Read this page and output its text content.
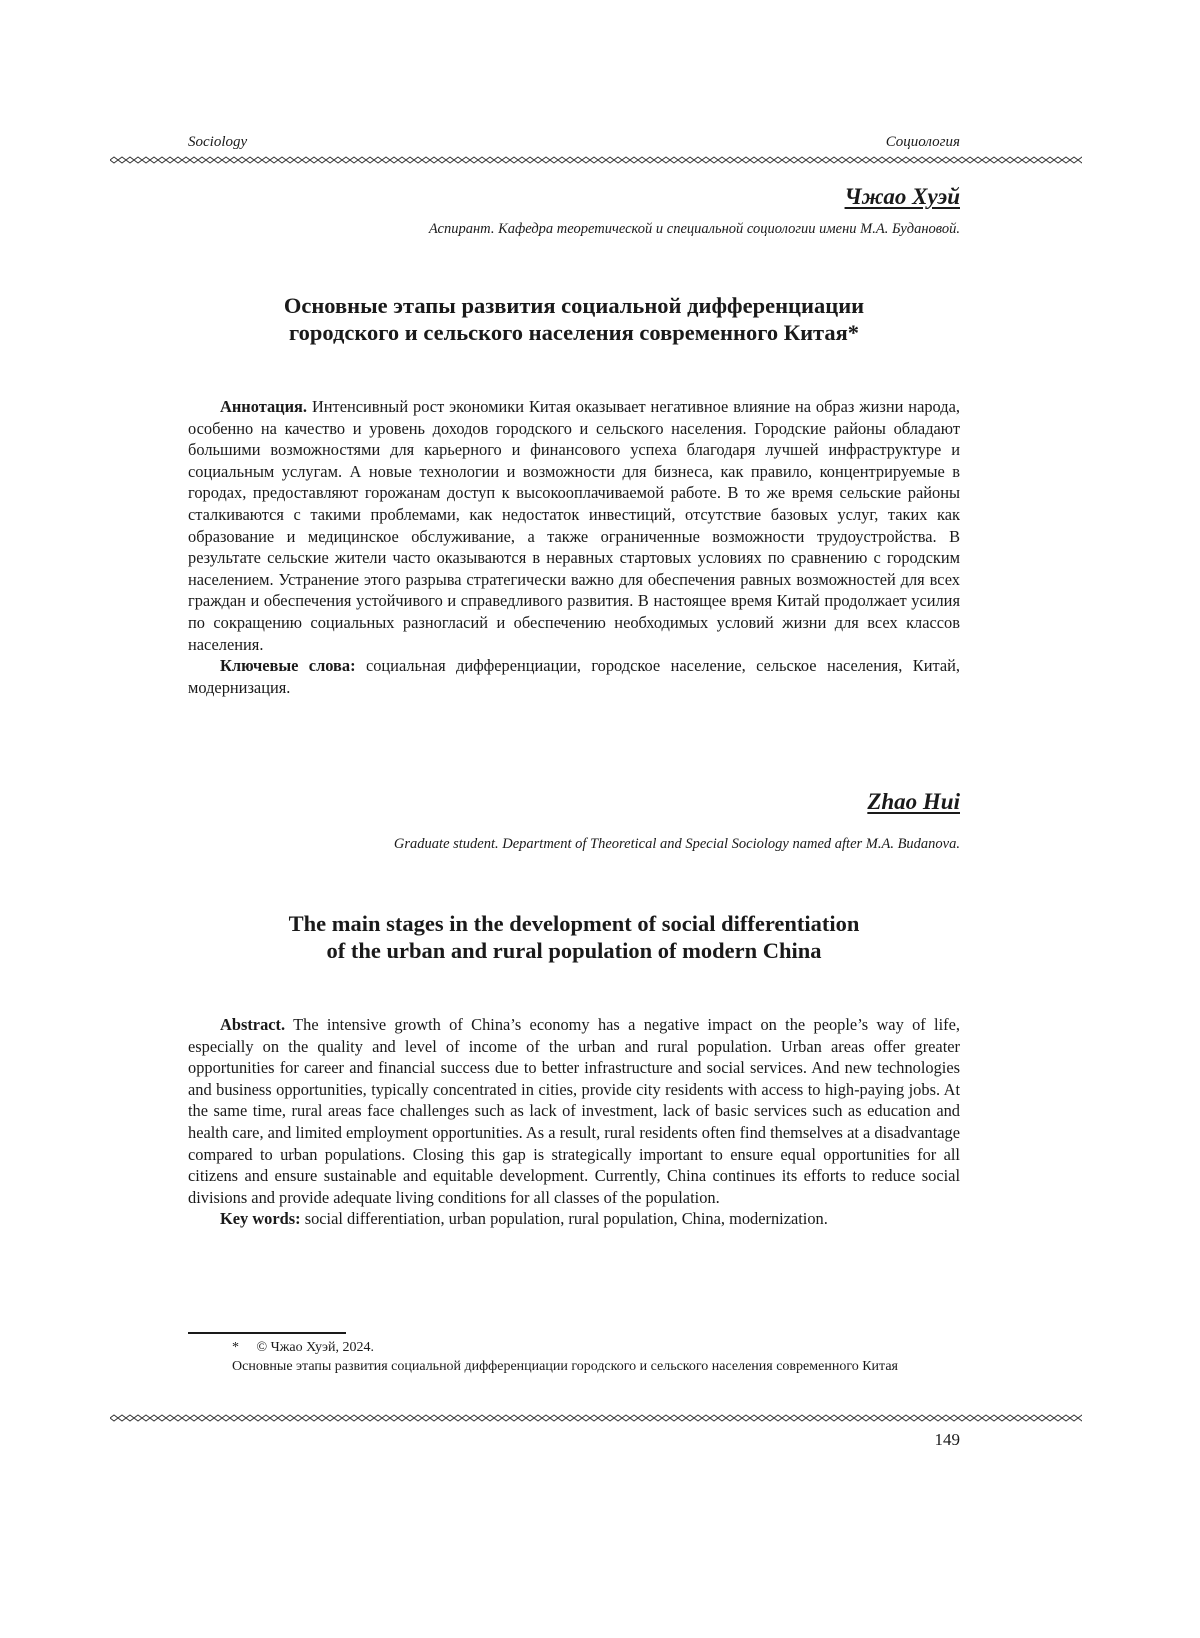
Sociology	Социология
Чжао Хуэй
Аспирант. Кафедра теоретической и специальной социологии имени М.А. Будановой.
Основные этапы развития социальной дифференциации
городского и сельского населения современного Китая*

Аннотация. Интенсивный рост экономики Китая оказывает негативное влияние на образ жизни народа, особенно на качество и уровень доходов городского и сельского населения. Городские районы обладают большими возможностями для карьерного и финансового успеха благодаря лучшей инфраструктуре и социальным услугам. А новые технологии и возможности для бизнеса, как правило, концентрируемые в городах, предоставляют горожанам доступ к высокооплачиваемой работе. В то же время сельские районы сталкиваются с такими проблемами, как недостаток инвестиций, отсутствие базовых услуг, таких как образование и медицинское обслуживание, а также ограниченные возможности трудоустройства. В результате сельские жители часто оказываются в неравных стартовых условиях по сравнению с городским населением. Устранение этого разрыва стратегически важно для обеспечения равных возможностей для всех граждан и обеспечения устойчивого и справедливого развития. В настоящее время Китай продолжает усилия по сокращению социальных разногласий и обеспечению необходимых условий жизни для всех классов населения.

Ключевые слова: социальная дифференциации, городское население, сельское населения, Китай, модернизация.

Zhao Hui
Graduate student. Department of Theoretical and Special Sociology named after M.A. Budanova.
The main stages in the development of social differentiation
of the urban and rural population of modern China

Abstract. The intensive growth of China’s economy has a negative impact on the people’s way of life, especially on the quality and level of income of the urban and rural population. Urban areas offer greater opportunities for career and financial success due to better infrastructure and social services. And new technologies and business opportunities, typically concentrated in cities, provide city residents with access to high-paying jobs. At the same time, rural areas face challenges such as lack of investment, lack of basic services such as education and health care, and limited employment opportunities. As a result, rural residents often find themselves at a disadvantage compared to urban populations. Closing this gap is strategically important to ensure equal opportunities for all citizens and ensure sustainable and equitable development. Currently, China continues its efforts to reduce social divisions and provide adequate living conditions for all classes of the population.

Key words: social differentiation, urban population, rural population, China, modernization.

* © Чжао Хуэй, 2024.

Основные этапы развития социальной дифференциации городского и сельского населения современного Китая

149
